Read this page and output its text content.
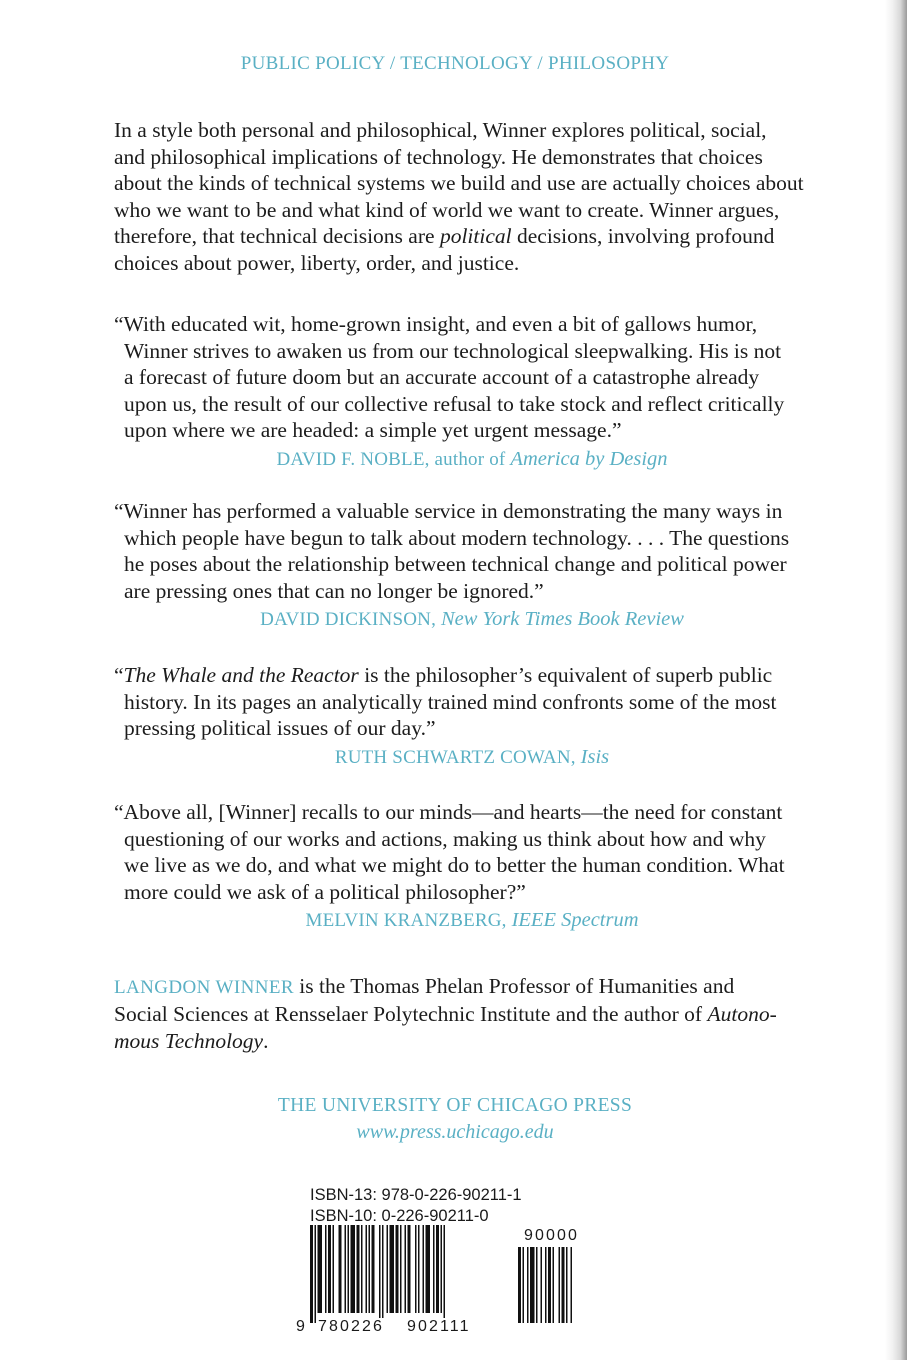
PUBLIC POLICY / TECHNOLOGY / PHILOSOPHY
In a style both personal and philosophical, Winner explores political, social, and philosophical implications of technology. He demonstrates that choices about the kinds of technical systems we build and use are actually choices about who we want to be and what kind of world we want to create. Winner argues, therefore, that technical decisions are political decisions, involving profound choices about power, liberty, order, and justice.
“With educated wit, home-grown insight, and even a bit of gallows humor,
Winner strives to awaken us from our technological sleepwalking. His is not
a forecast of future doom but an accurate account of a catastrophe already
upon us, the result of our collective refusal to take stock and reflect critically
upon where we are headed: a simple yet urgent message.”
DAVID F. NOBLE, author of America by Design
“Winner has performed a valuable service in demonstrating the many ways in
which people have begun to talk about modern technology. . . . The questions
he poses about the relationship between technical change and political power
are pressing ones that can no longer be ignored.”
DAVID DICKINSON, New York Times Book Review
“The Whale and the Reactor is the philosopher’s equivalent of superb public
history. In its pages an analytically trained mind confronts some of the most
pressing political issues of our day.”
RUTH SCHWARTZ COWAN, Isis
“Above all, [Winner] recalls to our minds—and hearts—the need for constant
questioning of our works and actions, making us think about how and why
we live as we do, and what we might do to better the human condition. What
more could we ask of a political philosopher?”
MELVIN KRANZBERG, IEEE Spectrum
LANGDON WINNER is the Thomas Phelan Professor of Humanities and
Social Sciences at Rensselaer Polytechnic Institute and the author of Autono-
mous Technology.
THE UNIVERSITY OF CHICAGO PRESS
www.press.uchicago.edu
ISBN-13: 978-0-226-90211-1
ISBN-10: 0-226-90211-0
9 780226 902111
90000
